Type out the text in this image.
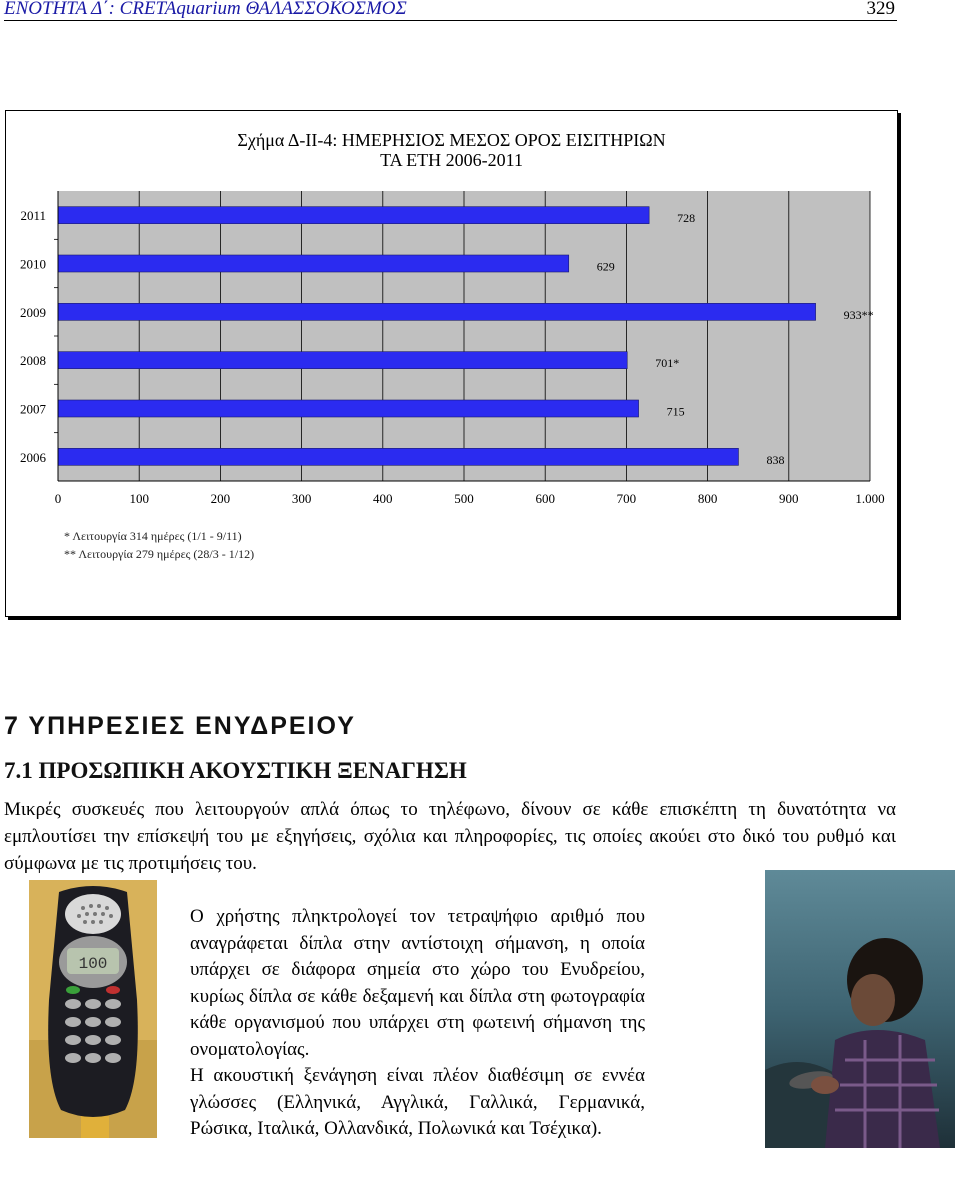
ΕΝΟΤΗΤΑ Δ΄: CRETAquarium ΘΑΛΑΣΣΟΚΟΣΜΟΣ	329
Σχήμα Δ-ΙΙ-4: ΗΜΕΡΗΣΙΟΣ ΜΕΣΟΣ ΟΡΟΣ ΕΙΣΙΤΗΡΙΩΝ
ΤΑ ΕΤΗ 2006-2011
0	100	200	300	400	500	600	700	800	900	1.000
2011	728
2010	629
2009	933**
2008	701*
2007	715
2006	838
* Λειτουργία 314 ημέρες (1/1 - 9/11)
** Λειτουργία 279 ημέρες (28/3 - 1/12)
7 ΥΠΗΡΕΣΙΕΣ ΕΝΥΔΡΕΙΟΥ
7.1 ΠΡΟΣΩΠΙΚΗ ΑΚΟΥΣΤΙΚΗ ΞΕΝΑΓΗΣΗ
Μικρές συσκευές που λειτουργούν απλά όπως το τηλέφωνο, δίνουν σε κάθε επισκέπτη τη δυνατότητα να εμπλουτίσει την επίσκεψή του με εξηγήσεις, σχόλια και πληροφορίες, τις οποίες ακούει στο δικό του ρυθμό και σύμφωνα με τις προτιμήσεις του.
100

Ο χρήστης πληκτρολογεί τον τετραψήφιο αριθμό που αναγράφεται δίπλα στην αντίστοιχη σήμανση, η οποία υπάρχει σε διάφορα σημεία στο χώρο του Ενυδρείου, κυρίως δίπλα σε κάθε δεξαμενή και δίπλα στη φωτογραφία κάθε οργανισμού που υπάρχει στη φωτεινή σήμανση της ονοματολογίας.

Η ακουστική ξενάγηση είναι πλέον διαθέσιμη σε εννέα γλώσσες (Ελληνικά, Αγγλικά, Γαλλικά, Γερμανικά, Ρώσικα, Ιταλικά, Ολλανδικά, Πολωνικά και Τσέχικα).
